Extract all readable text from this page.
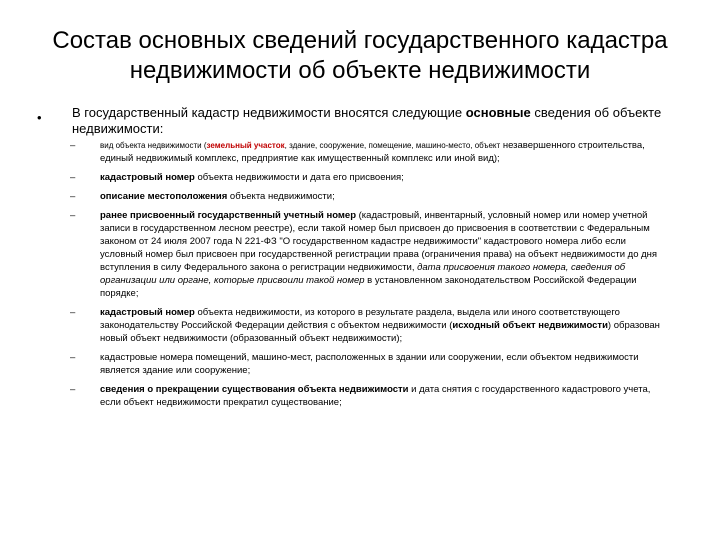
Состав основных сведений государственного кадастра
недвижимости об объекте недвижимости
• В государственный кадастр недвижимости вносятся следующие основные сведения об объекте недвижимости:
–	вид объекта недвижимости (земельный участок, здание, сооружение, помещение, машино-место, объект незавершенного строительства, единый недвижимый комплекс, предприятие как имущественный комплекс или иной вид);
–	кадастровый номер объекта недвижимости и дата его присвоения;
–	описание местоположения объекта недвижимости;
–	ранее присвоенный государственный учетный номер (кадастровый, инвентарный, условный номер или номер учетной записи в государственном лесном реестре), если такой номер был присвоен до присвоения в соответствии с Федеральным законом от 24 июля 2007 года N 221-ФЗ "О государственном кадастре недвижимости" кадастрового номера либо если условный номер был присвоен при государственной регистрации права (ограничения права) на объект недвижимости до дня вступления в силу Федерального закона о регистрации недвижимости, дата присвоения такого номера, сведения об организации или органе, которые присвоили такой номер в установленном законодательством Российской Федерации порядке;
–	кадастровый номер объекта недвижимости, из которого в результате раздела, выдела или иного соответствующего законодательству Российской Федерации действия с объектом недвижимости (исходный объект недвижимости) образован новый объект недвижимости (образованный объект недвижимости);
–	кадастровые номера помещений, машино-мест, расположенных в здании или сооружении, если объектом недвижимости является здание или сооружение;
–	сведения о прекращении существования объекта недвижимости и дата снятия с государственного кадастрового учета, если объект недвижимости прекратил существование;
